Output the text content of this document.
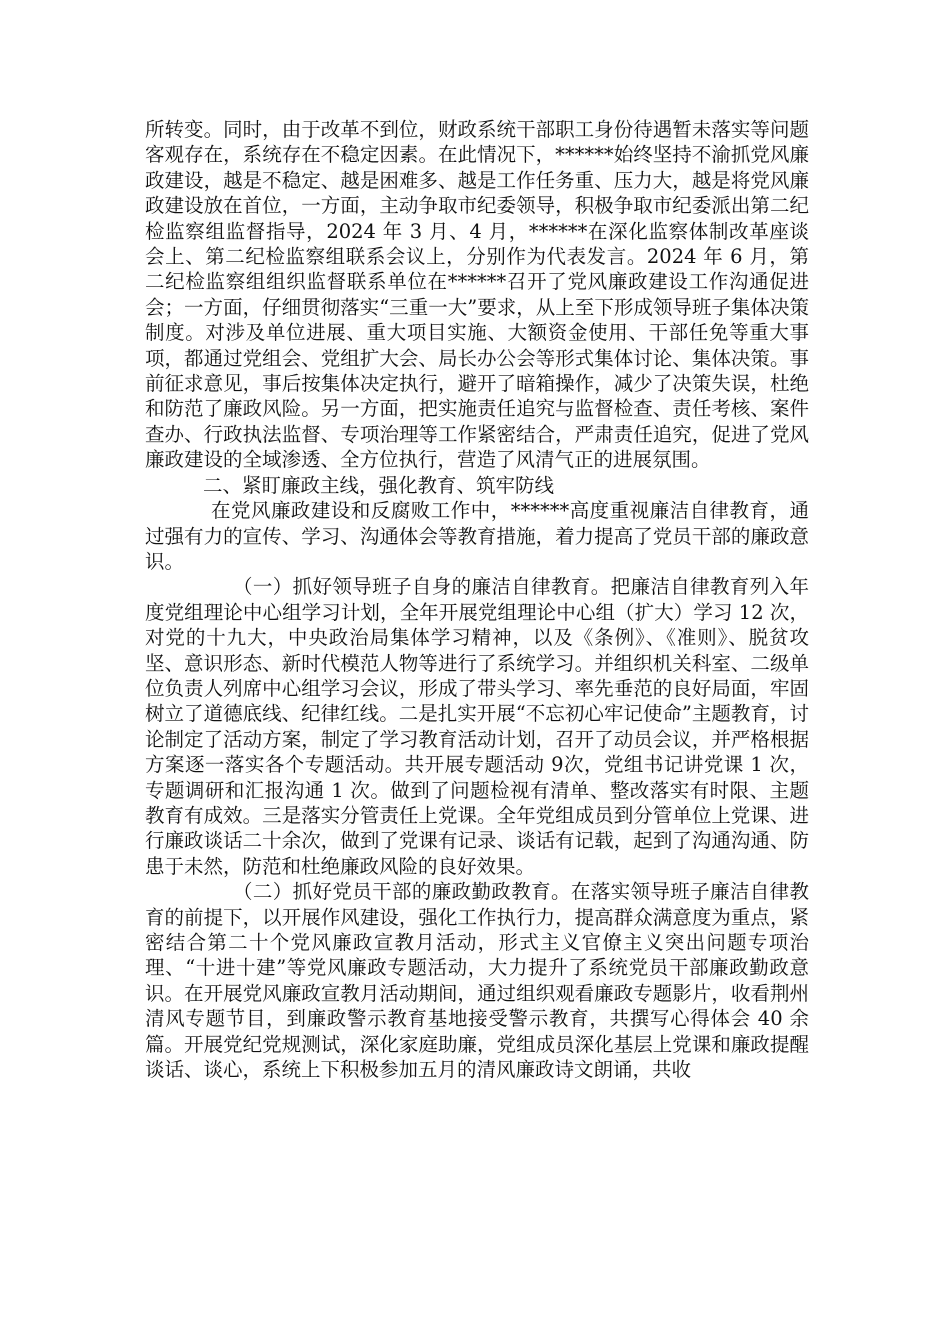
所转变。同时，由于改革不到位，财政系统干部职工身份待遇暂未落实等问题客观存在，系统存在不稳定因素。在此情况下，******始终坚持不渝抓党风廉政建设，越是不稳定、越是困难多、越是工作任务重、压力大，越是将党风廉政建设放在首位，一方面，主动争取市纪委领导，积极争取市纪委派出第二纪检监察组监督指导，2024 年 3 月、4 月，******在深化监察体制改革座谈会上、第二纪检监察组联系会议上，分别作为代表发言。2024 年 6 月，第二纪检监察组组织监督联系单位在******召开了党风廉政建设工作沟通促进会；一方面，仔细贯彻落实“三重一大”要求，从上至下形成领导班子集体决策制度。对涉及单位进展、重大项目实施、大额资金使用、干部任免等重大事项，都通过党组会、党组扩大会、局长办公会等形式集体讨论、集体决策。事前征求意见，事后按集体决定执行，避开了暗箱操作，减少了决策失误，杜绝和防范了廉政风险。另一方面，把实施责任追究与监督检查、责任考核、案件查办、行政执法监督、专项治理等工作紧密结合，严肃责任追究，促进了党风廉政建设的全域渗透、全方位执行，营造了风清气正的进展氛围。

二、紧盯廉政主线，强化教育、筑牢防线

在党风廉政建设和反腐败工作中，******高度重视廉洁自律教育，通过强有力的宣传、学习、沟通体会等教育措施，着力提高了党员干部的廉政意识。

（一）抓好领导班子自身的廉洁自律教育。把廉洁自律教育列入年度党组理论中心组学习计划，全年开展党组理论中心组（扩大）学习 12 次，对党的十九大，中央政治局集体学习精神，以及《条例》、《准则》、脱贫攻坚、意识形态、新时代模范人物等进行了系统学习。并组织机关科室、二级单位负责人列席中心组学习会议，形成了带头学习、率先垂范的良好局面，牢固树立了道德底线、纪律红线。二是扎实开展“不忘初心牢记使命”主题教育，讨论制定了活动方案，制定了学习教育活动计划，召开了动员会议，并严格根据方案逐一落实各个专题活动。共开展专题活动 9次，党组书记讲党课 1 次，专题调研和汇报沟通 1 次。做到了问题检视有清单、整改落实有时限、主题教育有成效。三是落实分管责任上党课。全年党组成员到分管单位上党课、进行廉政谈话二十余次，做到了党课有记录、谈话有记载，起到了沟通沟通、防患于未然，防范和杜绝廉政风险的良好效果。

（二）抓好党员干部的廉政勤政教育。在落实领导班子廉洁自律教育的前提下，以开展作风建设，强化工作执行力，提高群众满意度为重点，紧密结合第二十个党风廉政宣教月活动，形式主义官僚主义突出问题专项治理、“十进十建”等党风廉政专题活动，大力提升了系统党员干部廉政勤政意识。在开展党风廉政宣教月活动期间，通过组织观看廉政专题影片，收看荆州清风专题节目，到廉政警示教育基地接受警示教育，共撰写心得体会 40 余篇。开展党纪党规测试，深化家庭助廉，党组成员深化基层上党课和廉政提醒谈话、谈心，系统上下积极参加五月的清风廉政诗文朗诵，共收
